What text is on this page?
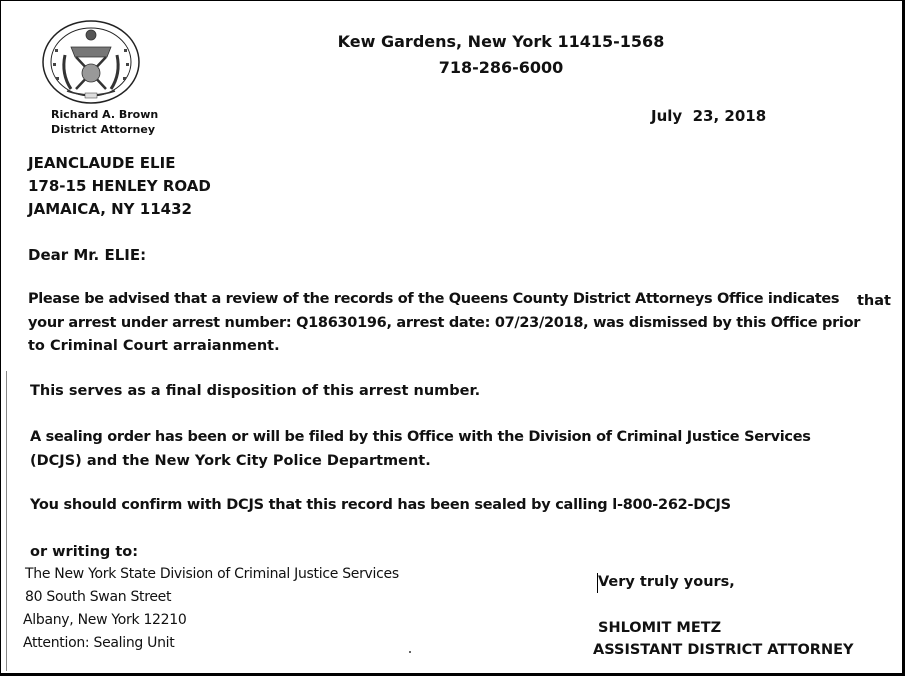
Richard A. Brown
District Attorney
Kew Gardens, New York 11415-1568
718-286-6000
July  23, 2018
JEANCLAUDE ELIE
178-15 HENLEY ROAD
JAMAICA, NY 11432
Dear Mr. ELIE:
Please be advised that a review of the records of the Queens County District Attorneys Office indicates that
your arrest under arrest number: Q18630196, arrest date: 07/23/2018, was dismissed by this Office prior
to Criminal Court arraianment.
This serves as a final disposition of this arrest number.
A sealing order has been or will be filed by this Office with the Division of Criminal Justice Services
(DCJS) and the New York City Police Department.
You should confirm with DCJS that this record has been sealed by calling l-800-262-DCJS
or writing to:
The New York State Division of Criminal Justice Services
80 South Swan Street
Albany, New York 12210
Attention: Sealing Unit
Very truly yours,
SHLOMIT METZ
ASSISTANT DISTRICT ATTORNEY
